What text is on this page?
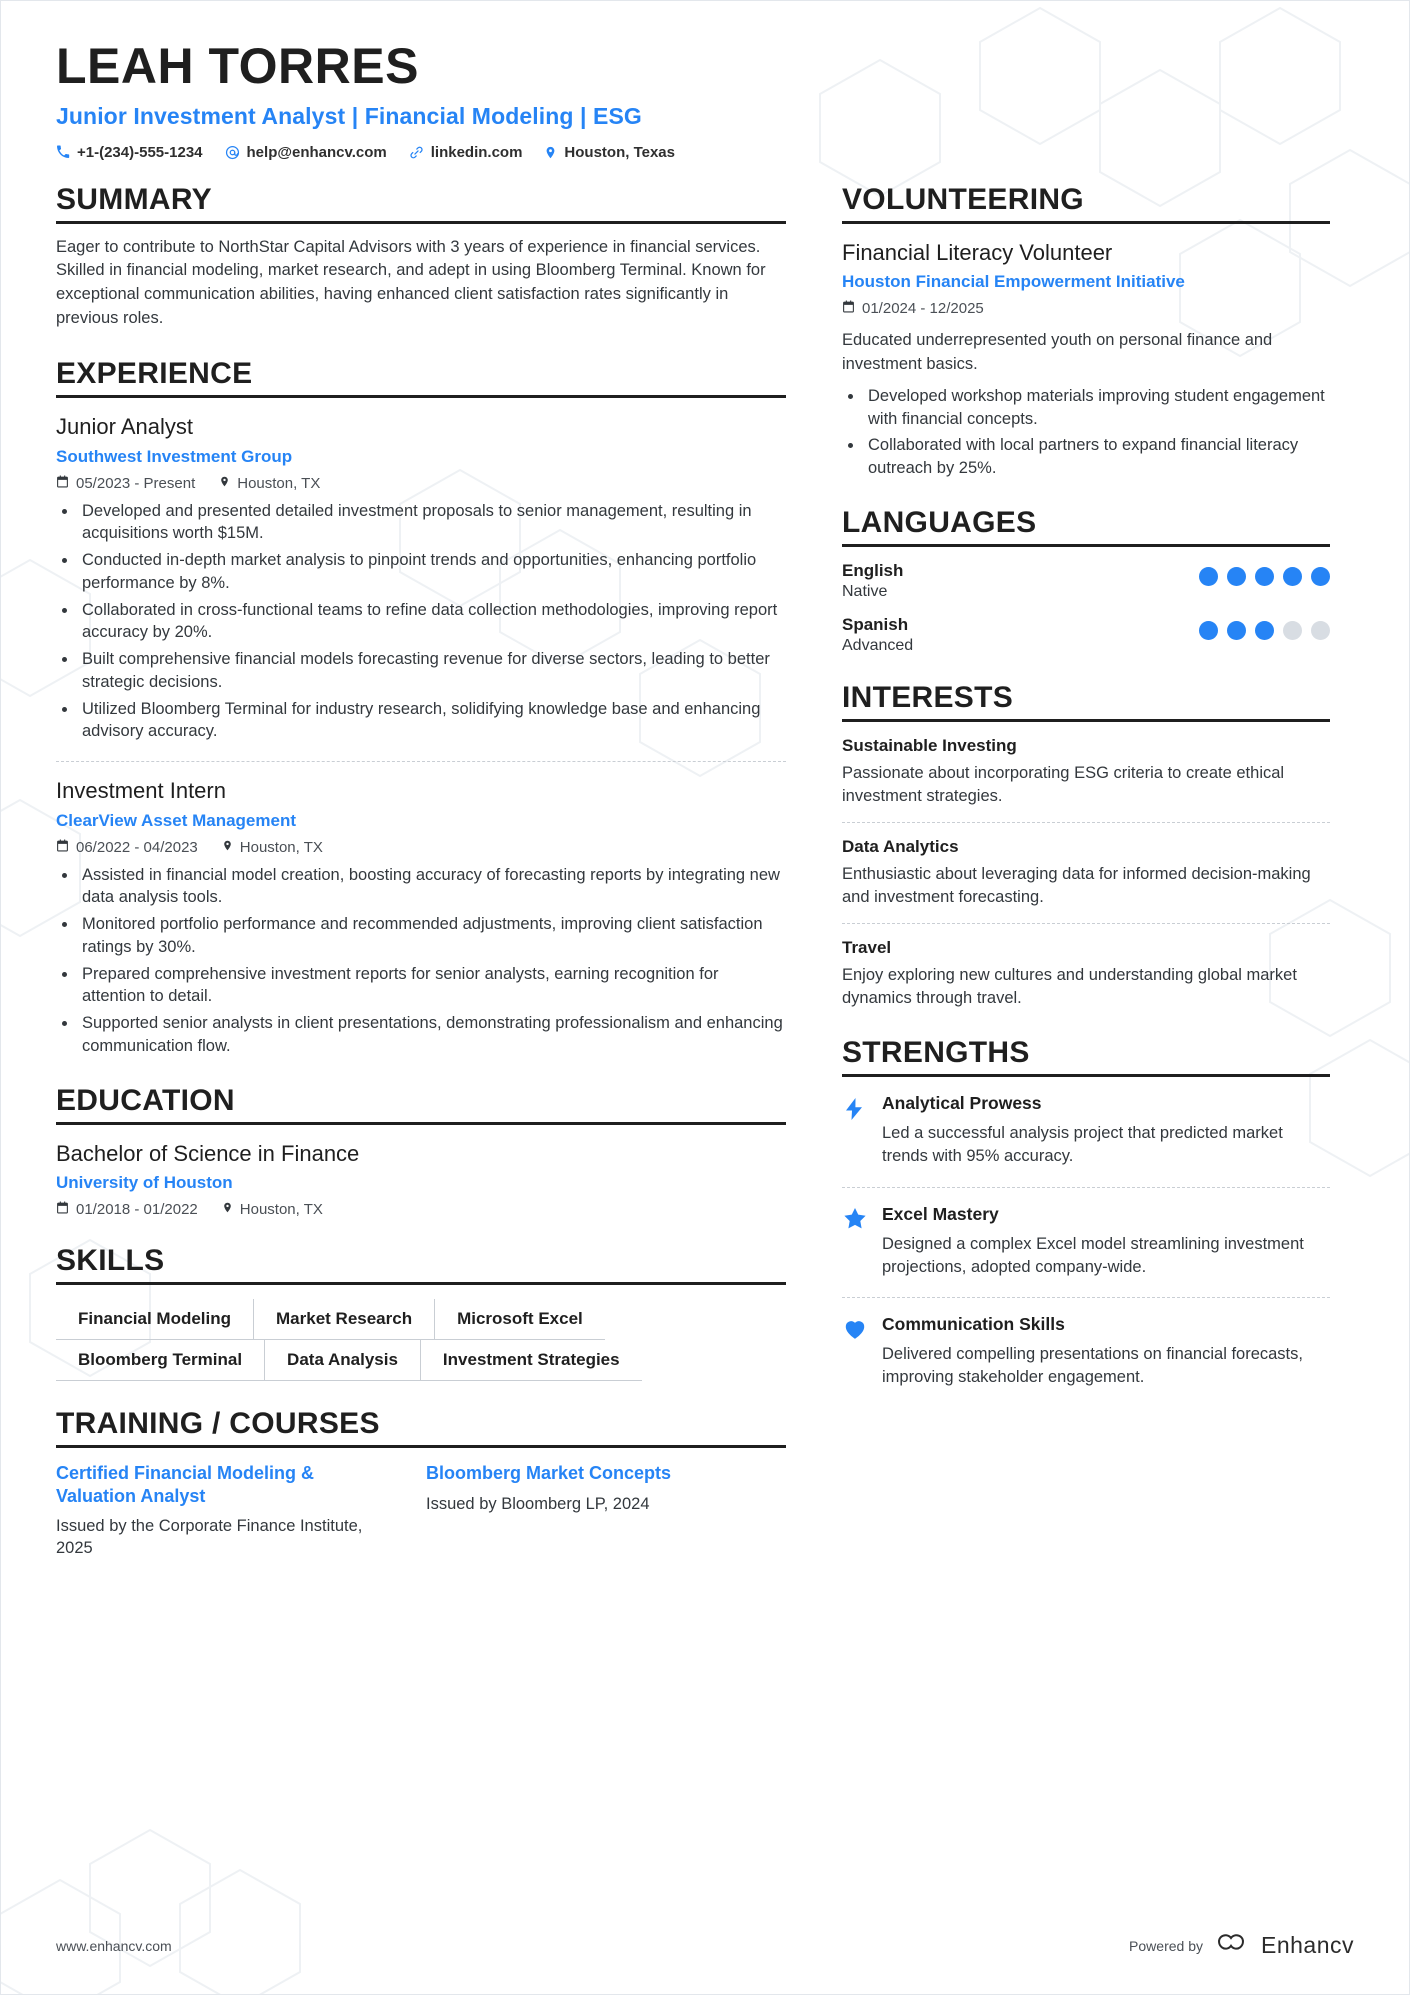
LEAH TORRES
Junior Investment Analyst | Financial Modeling | ESG
+1-(234)-555-1234	help@enhancv.com	linkedin.com	Houston, Texas
SUMMARY
Eager to contribute to NorthStar Capital Advisors with 3 years of experience in financial services. Skilled in financial modeling, market research, and adept in using Bloomberg Terminal. Known for exceptional communication abilities, having enhanced client satisfaction rates significantly in previous roles.
EXPERIENCE
Junior Analyst
Southwest Investment Group
05/2023 - Present	Houston, TX
• Developed and presented detailed investment proposals to senior management, resulting in acquisitions worth $15M.
• Conducted in-depth market analysis to pinpoint trends and opportunities, enhancing portfolio performance by 8%.
• Collaborated in cross-functional teams to refine data collection methodologies, improving report accuracy by 20%.
• Built comprehensive financial models forecasting revenue for diverse sectors, leading to better strategic decisions.
• Utilized Bloomberg Terminal for industry research, solidifying knowledge base and enhancing advisory accuracy.
Investment Intern
ClearView Asset Management
06/2022 - 04/2023	Houston, TX
• Assisted in financial model creation, boosting accuracy of forecasting reports by integrating new data analysis tools.
• Monitored portfolio performance and recommended adjustments, improving client satisfaction ratings by 30%.
• Prepared comprehensive investment reports for senior analysts, earning recognition for attention to detail.
• Supported senior analysts in client presentations, demonstrating professionalism and enhancing communication flow.
EDUCATION
Bachelor of Science in Finance
University of Houston
01/2018 - 01/2022	Houston, TX
SKILLS
Financial Modeling	Market Research	Microsoft Excel
Bloomberg Terminal	Data Analysis	Investment Strategies
TRAINING / COURSES
Certified Financial Modeling & Valuation Analyst
Issued by the Corporate Finance Institute, 2025
Bloomberg Market Concepts
Issued by Bloomberg LP, 2024
VOLUNTEERING
Financial Literacy Volunteer
Houston Financial Empowerment Initiative
01/2024 - 12/2025
Educated underrepresented youth on personal finance and investment basics.
• Developed workshop materials improving student engagement with financial concepts.
• Collaborated with local partners to expand financial literacy outreach by 25%.
LANGUAGES
English
Native
Spanish
Advanced
INTERESTS
Sustainable Investing
Passionate about incorporating ESG criteria to create ethical investment strategies.
Data Analytics
Enthusiastic about leveraging data for informed decision-making and investment forecasting.
Travel
Enjoy exploring new cultures and understanding global market dynamics through travel.
STRENGTHS
Analytical Prowess
Led a successful analysis project that predicted market trends with 95% accuracy.
Excel Mastery
Designed a complex Excel model streamlining investment projections, adopted company-wide.
Communication Skills
Delivered compelling presentations on financial forecasts, improving stakeholder engagement.
www.enhancv.com	Powered by	Enhancv
